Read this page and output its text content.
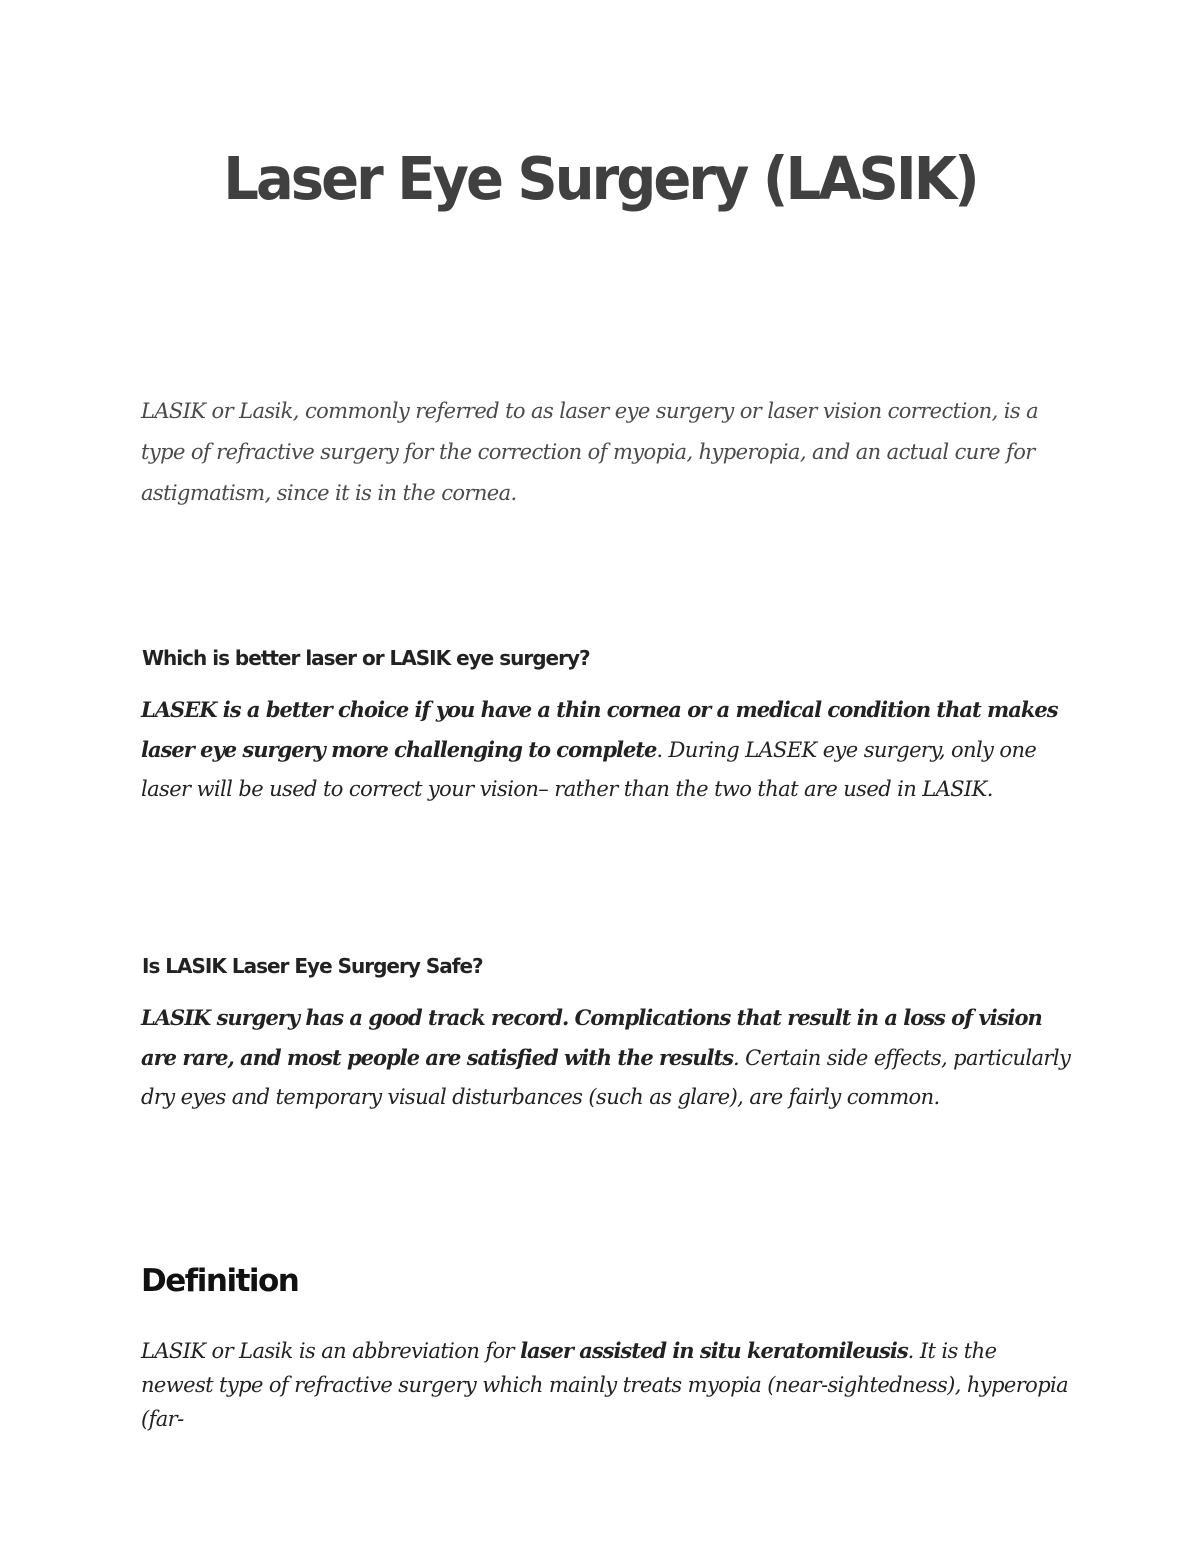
Laser Eye Surgery (LASIK)

LASIK or Lasik, commonly referred to as laser eye surgery or laser vision correction, is a type of refractive surgery for the correction of myopia, hyperopia, and an actual cure for astigmatism, since it is in the cornea.

Which is better laser or LASIK eye surgery?

LASEK is a better choice if you have a thin cornea or a medical condition that makes laser eye surgery more challenging to complete. During LASEK eye surgery, only one laser will be used to correct your vision– rather than the two that are used in LASIK.

Is LASIK Laser Eye Surgery Safe?

LASIK surgery has a good track record. Complications that result in a loss of vision are rare, and most people are satisfied with the results. Certain side effects, particularly dry eyes and temporary visual disturbances (such as glare), are fairly common.

Definition

LASIK or Lasik is an abbreviation for laser assisted in situ keratomileusis. It is the newest type of refractive surgery which mainly treats myopia (near-sightedness), hyperopia (far-
